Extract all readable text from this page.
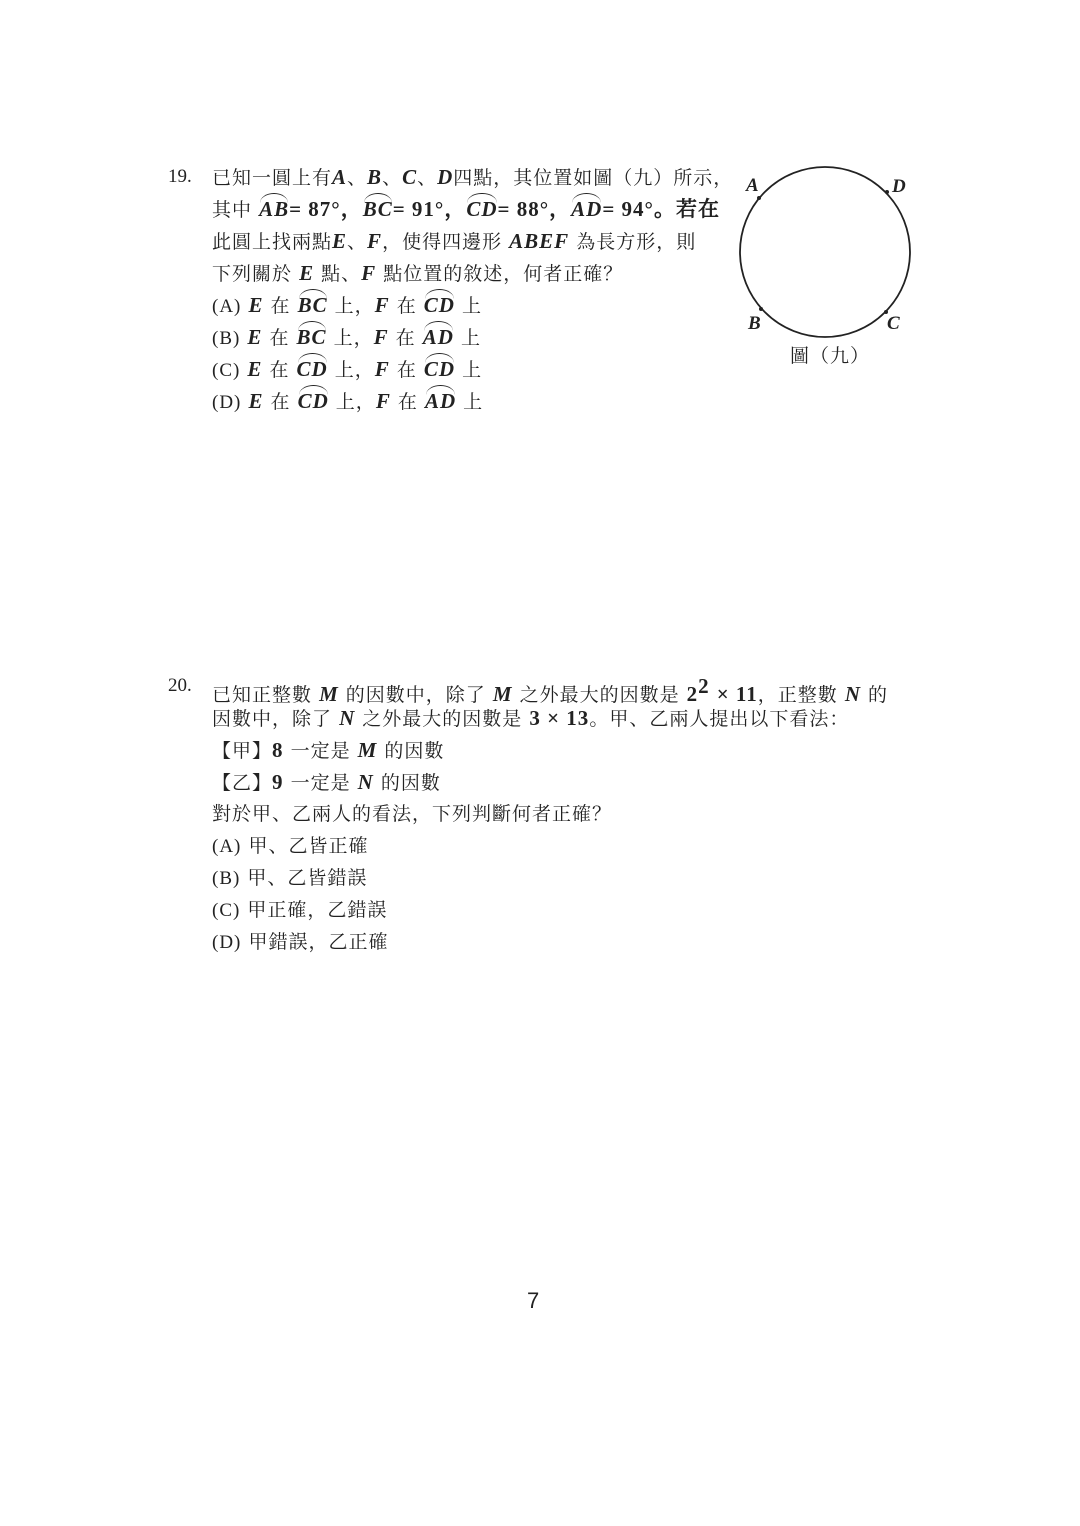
19. 已知一圓上有A、B、C、D四點，其位置如圖（九）所示，
其中 AB= 87°，BC= 91°，CD= 88°，AD= 94°。若在
此圓上找兩點E、F，使得四邊形 ABEF 為長方形，則
下列關於 E 點、F 點位置的敘述，何者正確？
(A) E 在 BC 上，F 在 CD 上
(B) E 在 BC 上，F 在 AD 上
(C) E 在 CD 上，F 在 CD 上
(D) E 在 CD 上，F 在 AD 上
A	D
B	C
圖（九）
20. 已知正整數 M 的因數中，除了 M 之外最大的因數是 $2^2 \times 11$，正整數 N 的
因數中，除了 N 之外最大的因數是 3 × 13。甲、乙兩人提出以下看法：
【甲】8 一定是 M 的因數
【乙】9 一定是 N 的因數
對於甲、乙兩人的看法，下列判斷何者正確？
(A) 甲、乙皆正確
(B) 甲、乙皆錯誤
(C) 甲正確，乙錯誤
(D) 甲錯誤，乙正確
7
